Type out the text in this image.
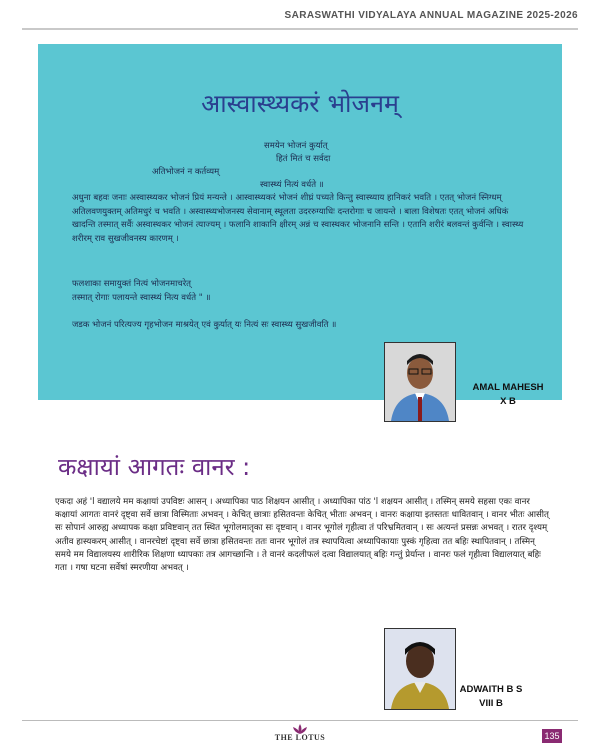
SARASWATHI VIDYALAYA ANNUAL MAGAZINE 2025-2026
आस्वास्थ्यकरं भोजनम्
समयेन भोजनं कुर्यात्
हितं मितं च सर्वदा
अतिभोजनं न कर्तव्यम्
स्वास्थ्यं नित्यं वर्धते ॥
अधुना बहवः जनाः अस्वास्थ्यकर भोजनं प्रियं मन्यन्ते । आस्वास्थ्यकरं भोजनं शीघ्रं पच्यते किन्तु स्वास्थ्याय हानिकरं भवति । एतत् भोजनं स्निग्धम् अतिलवणयुक्तम् अतिमधुरं च भवति । अस्वास्थ्यभोजनस्य सेवानाम् स्थूलता उदररुग्याधिः दन्तरोगाः च जायन्ते । बाला विशेषतः एतत् भोजनं अधिकं खादन्ति तस्मात् सर्वैः अस्वास्थकर भोजनं त्याज्यम् । फलानि शाकानि क्षीरम् अन्नं च स्वास्थकर भोजनानि सन्ति । एतानि शरीरं बलवन्तं कुर्वन्ति । स्वास्थ्य शरीरम् राव सुखजीवनस्य कारणम् ।
फलशाका समायुक्तं नित्यं भोजनमाचरेत्
तस्मात् रोगाः पलायन्ते स्वास्थ्यं नित्य वर्धते " ॥
जडक भोजनं परित्यज्य गृहभोजन माश्रयेत् एवं कुर्यात् यः नित्यं सः स्वास्थ्य सुखजीवति ॥
AMAL MAHESH
X B
कक्षायां आगतः वानर :
एकदा अहं 'l वद्यालये मम कक्षायां उपविष्टः आसन् । अध्यापिका पाठ शिक्षयन आसीत् । अध्यापिका पांठ 'l शक्षयन आसीत् । तस्मिन् समये सहसा एकः वानर कक्षायां आगतः वानरं दृष्ट्वा सर्वे छात्रा विस्मिताः अभवन् । केचित् छात्राः हसितवन्तः केचित् भीताः अभवन् । वानरः कक्षाया इतस्ततः धावितवान् । वानर भीतः आसीत् सः सोपानं आरुह्य अध्यापक कक्षा प्रविष्टवान् तत स्थित भूगोलमातृका सः दृष्टवान् । वानर भूगोलं गृहीत्वा तं परिभ्रमितवान् । सः अत्यन्तं प्रसन्नः अभवत् । रातर दृश्यम् अतीव हास्यकरम् आसीत् । वानरचेष्टां दृष्ट्वा सर्वे छात्रा हसितवन्तः ततः वानर भूगोलं तत्र स्थापयित्वा अध्यापिकायाः पुस्कं गृहित्वा तत बहिः स्थापितवान् । तस्मिन् समये मम विद्यालयस्य शारीरिक शिक्षणा ध्यापकाः तत्र आगच्छान्ति । ते वानरं कदलीफलं दत्वा विद्यालयात् बहिः गन्तुं प्रेर्यान्त । वानरः फलं गृहीत्वा विद्यालयात् बहिः गता । गषा घटना सर्वेषां स्मरणीया अभवत् ।
ADWAITH B S
VIII B
THE LOTUS	135
